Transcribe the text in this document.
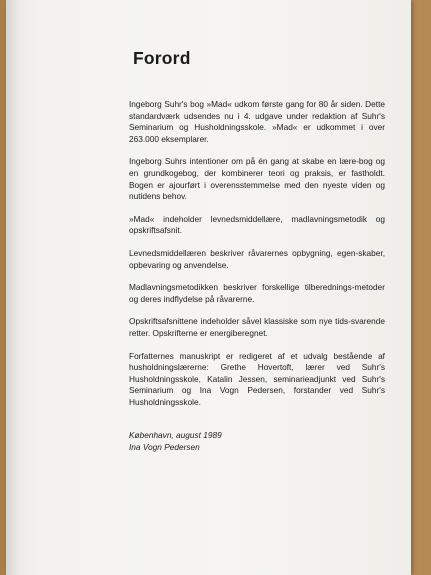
Forord

Ingeborg Suhr's bog »Mad« udkom første gang for 80 år siden. Dette standardværk udsendes nu i 4. udgave under redaktion af Suhr's Seminarium og Husholdningsskole. »Mad« er udkommet i over 263.000 eksemplarer.

Ingeborg Suhrs intentioner om på én gang at skabe en lære-bog og en grundkogebog, der kombinerer teori og praksis, er fastholdt. Bogen er ajourført i overensstemmelse med den nyeste viden og nutidens behov.

»Mad« indeholder levnedsmiddellære, madlavningsmetodik og opskriftsafsnit.

Levnedsmiddellæren beskriver råvarernes opbygning, egen-skaber, opbevaring og anvendelse.

Madlavningsmetodikken beskriver forskellige tilberednings-metoder og deres indflydelse på råvarerne.

Opskriftsafsnittene indeholder såvel klassiske som nye tids-svarende retter. Opskrifterne er energiberegnet.

Forfatternes manuskript er redigeret af et udvalg bestående af husholdningslærerne: Grethe Hovertoft, lærer ved Suhr's Husholdningsskole, Katalin Jessen, seminarieadjunkt ved Suhr's Seminarium og Ina Vogn Pedersen, forstander ved Suhr's Husholdningsskole.

København, august 1989
Ina Vogn Pedersen
